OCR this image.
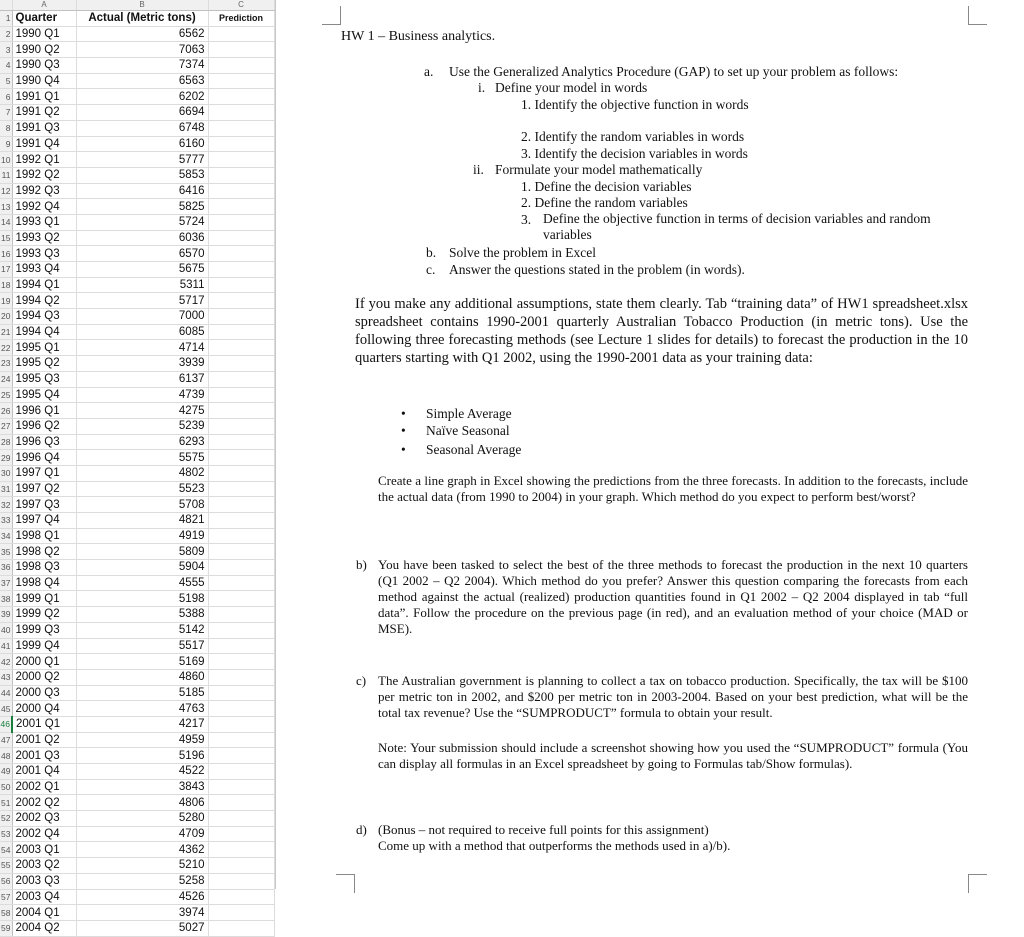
	A	B	C
1	Quarter	Actual (Metric tons)	Prediction
2	1990 Q1	6562	
3	1990 Q2	7063	
4	1990 Q3	7374	
5	1990 Q4	6563	
6	1991 Q1	6202	
7	1991 Q2	6694	
8	1991 Q3	6748	
9	1991 Q4	6160	
10	1992 Q1	5777	
11	1992 Q2	5853	
12	1992 Q3	6416	
13	1992 Q4	5825	
14	1993 Q1	5724	
15	1993 Q2	6036	
16	1993 Q3	6570	
17	1993 Q4	5675	
18	1994 Q1	5311	
19	1994 Q2	5717	
20	1994 Q3	7000	
21	1994 Q4	6085	
22	1995 Q1	4714	
23	1995 Q2	3939	
24	1995 Q3	6137	
25	1995 Q4	4739	
26	1996 Q1	4275	
27	1996 Q2	5239	
28	1996 Q3	6293	
29	1996 Q4	5575	
30	1997 Q1	4802	
31	1997 Q2	5523	
32	1997 Q3	5708	
33	1997 Q4	4821	
34	1998 Q1	4919	
35	1998 Q2	5809	
36	1998 Q3	5904	
37	1998 Q4	4555	
38	1999 Q1	5198	
39	1999 Q2	5388	
40	1999 Q3	5142	
41	1999 Q4	5517	
42	2000 Q1	5169	
43	2000 Q2	4860	
44	2000 Q3	5185	
45	2000 Q4	4763	
46	2001 Q1	4217	
47	2001 Q2	4959	
48	2001 Q3	5196	
49	2001 Q4	4522	
50	2002 Q1	3843	
51	2002 Q2	4806	
52	2002 Q3	5280	
53	2002 Q4	4709	
54	2003 Q1	4362	
55	2003 Q2	5210	
56	2003 Q3	5258	
57	2003 Q4	4526	
58	2004 Q1	3974	
59	2004 Q2	5027	
HW 1 – Business analytics.
a. Use the Generalized Analytics Procedure (GAP) to set up your problem as follows:
i. Define your model in words
1. Identify the objective function in words
2. Identify the random variables in words
3. Identify the decision variables in words
ii. Formulate your model mathematically
1. Define the decision variables
2. Define the random variables
3. Define the objective function in terms of decision variables and random variables
b. Solve the problem in Excel
c. Answer the questions stated in the problem (in words).
If you make any additional assumptions, state them clearly. Tab “training data” of HW1 spreadsheet.xlsx spreadsheet contains 1990-2001 quarterly Australian Tobacco Production (in metric tons). Use the following three forecasting methods (see Lecture 1 slides for details) to forecast the production in the 10 quarters starting with Q1 2002, using the 1990-2001 data as your training data:
• Simple Average
• Naïve Seasonal
• Seasonal Average
Create a line graph in Excel showing the predictions from the three forecasts. In addition to the forecasts, include the actual data (from 1990 to 2004) in your graph. Which method do you expect to perform best/worst?
b) You have been tasked to select the best of the three methods to forecast the production in the next 10 quarters (Q1 2002 – Q2 2004). Which method do you prefer? Answer this question comparing the forecasts from each method against the actual (realized) production quantities found in Q1 2002 – Q2 2004 displayed in tab “full data”. Follow the procedure on the previous page (in red), and an evaluation method of your choice (MAD or MSE).
c) The Australian government is planning to collect a tax on tobacco production. Specifically, the tax will be $100 per metric ton in 2002, and $200 per metric ton in 2003-2004. Based on your best prediction, what will be the total tax revenue? Use the “SUMPRODUCT” formula to obtain your result.
Note: Your submission should include a screenshot showing how you used the “SUMPRODUCT” formula (You can display all formulas in an Excel spreadsheet by going to Formulas tab/Show formulas).
d) (Bonus – not required to receive full points for this assignment)
Come up with a method that outperforms the methods used in a)/b).
